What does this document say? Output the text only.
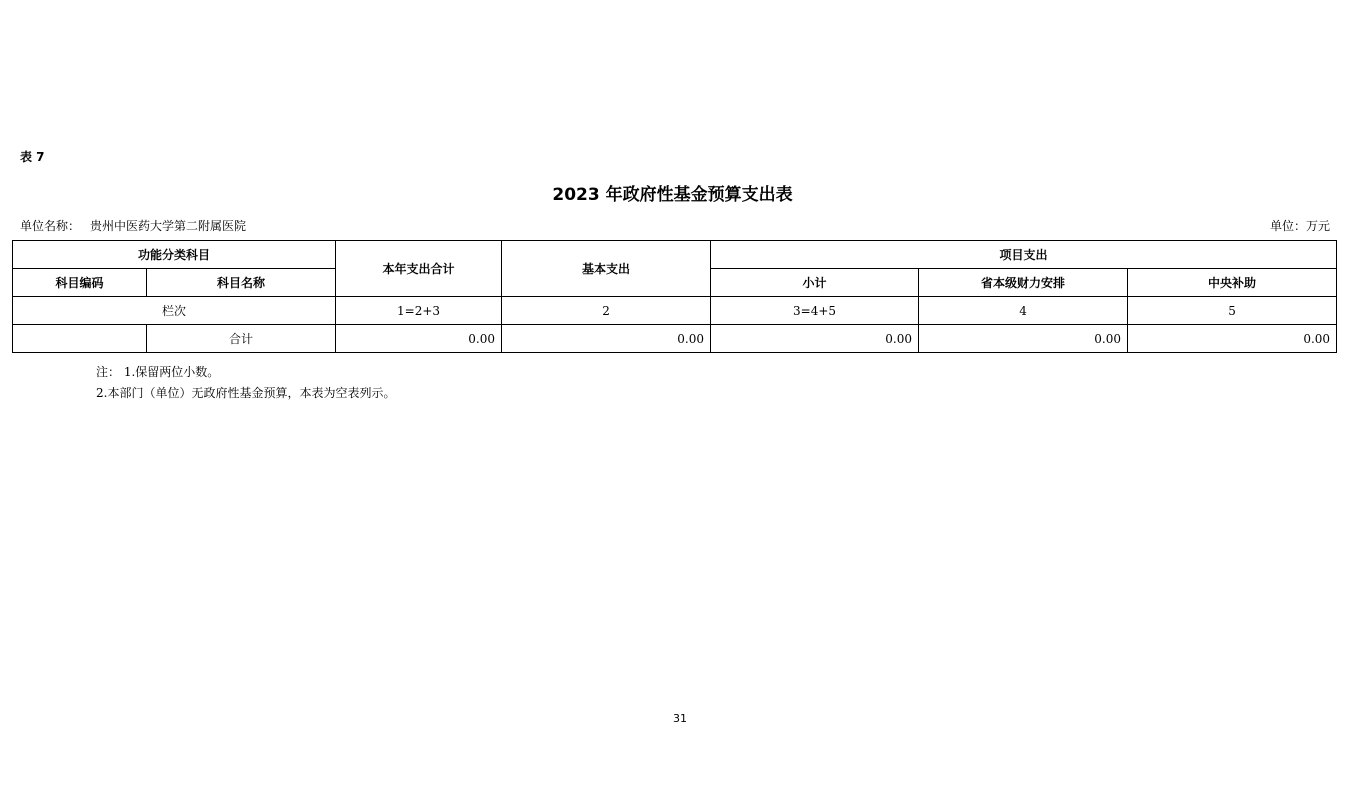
表 7
2023 年政府性基金预算支出表
单位名称： 贵州中医药大学第二附属医院	单位：万元
功能分类科目		本年支出合计	基本支出	项目支出		
科目编码	科目名称			小计	省本级财力安排	中央补助
栏次		1=2+3	2	3=4+5	4	5
	合计	0.00	0.00	0.00	0.00	0.00
注： 1.保留两位小数。
2.本部门（单位）无政府性基金预算，本表为空表列示。
31
